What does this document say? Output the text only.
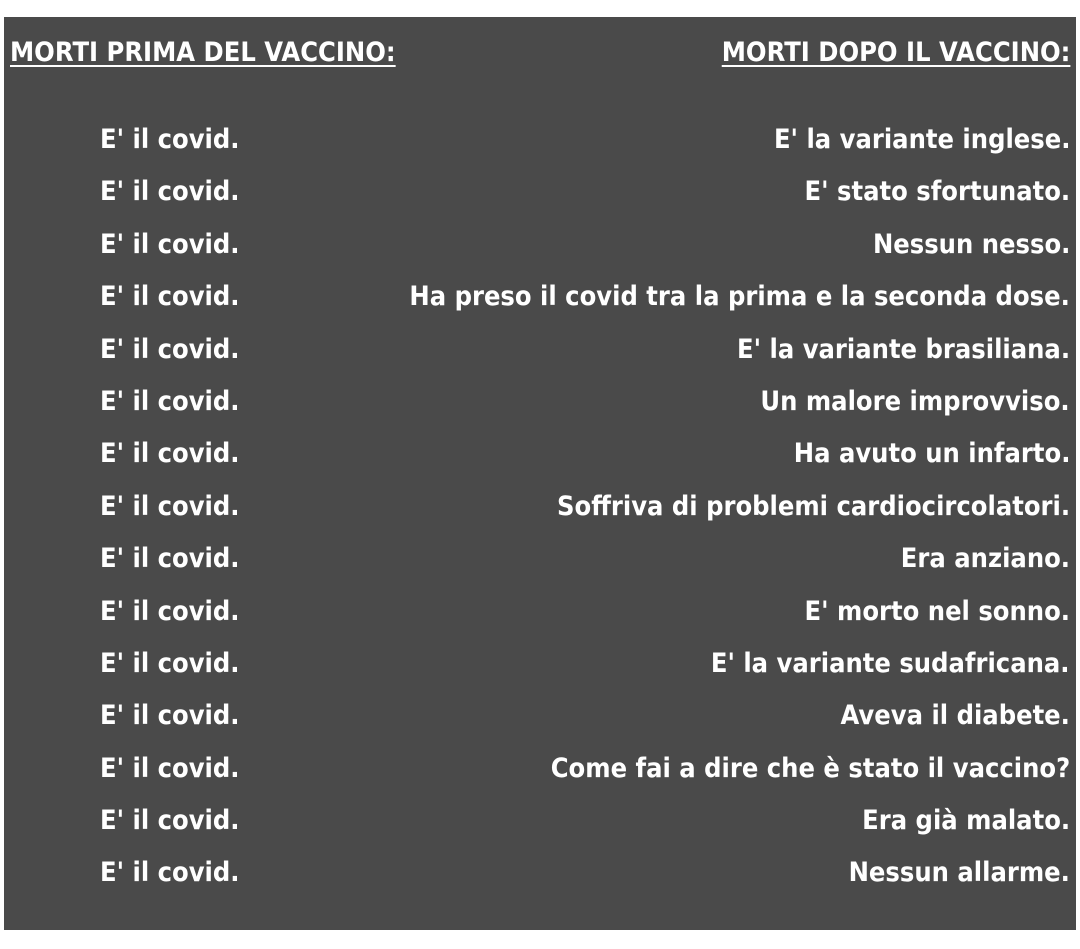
MORTI PRIMA DEL VACCINO:	MORTI DOPO IL VACCINO:
E' il covid.	E' la variante inglese.
E' il covid.	E' stato sfortunato.
E' il covid.	Nessun nesso.
E' il covid.	Ha preso il covid tra la prima e la seconda dose.
E' il covid.	E' la variante brasiliana.
E' il covid.	Un malore improvviso.
E' il covid.	Ha avuto un infarto.
E' il covid.	Soffriva di problemi cardiocircolatori.
E' il covid.	Era anziano.
E' il covid.	E' morto nel sonno.
E' il covid.	E' la variante sudafricana.
E' il covid.	Aveva il diabete.
E' il covid.	Come fai a dire che è stato il vaccino?
E' il covid.	Era già malato.
E' il covid.	Nessun allarme.
